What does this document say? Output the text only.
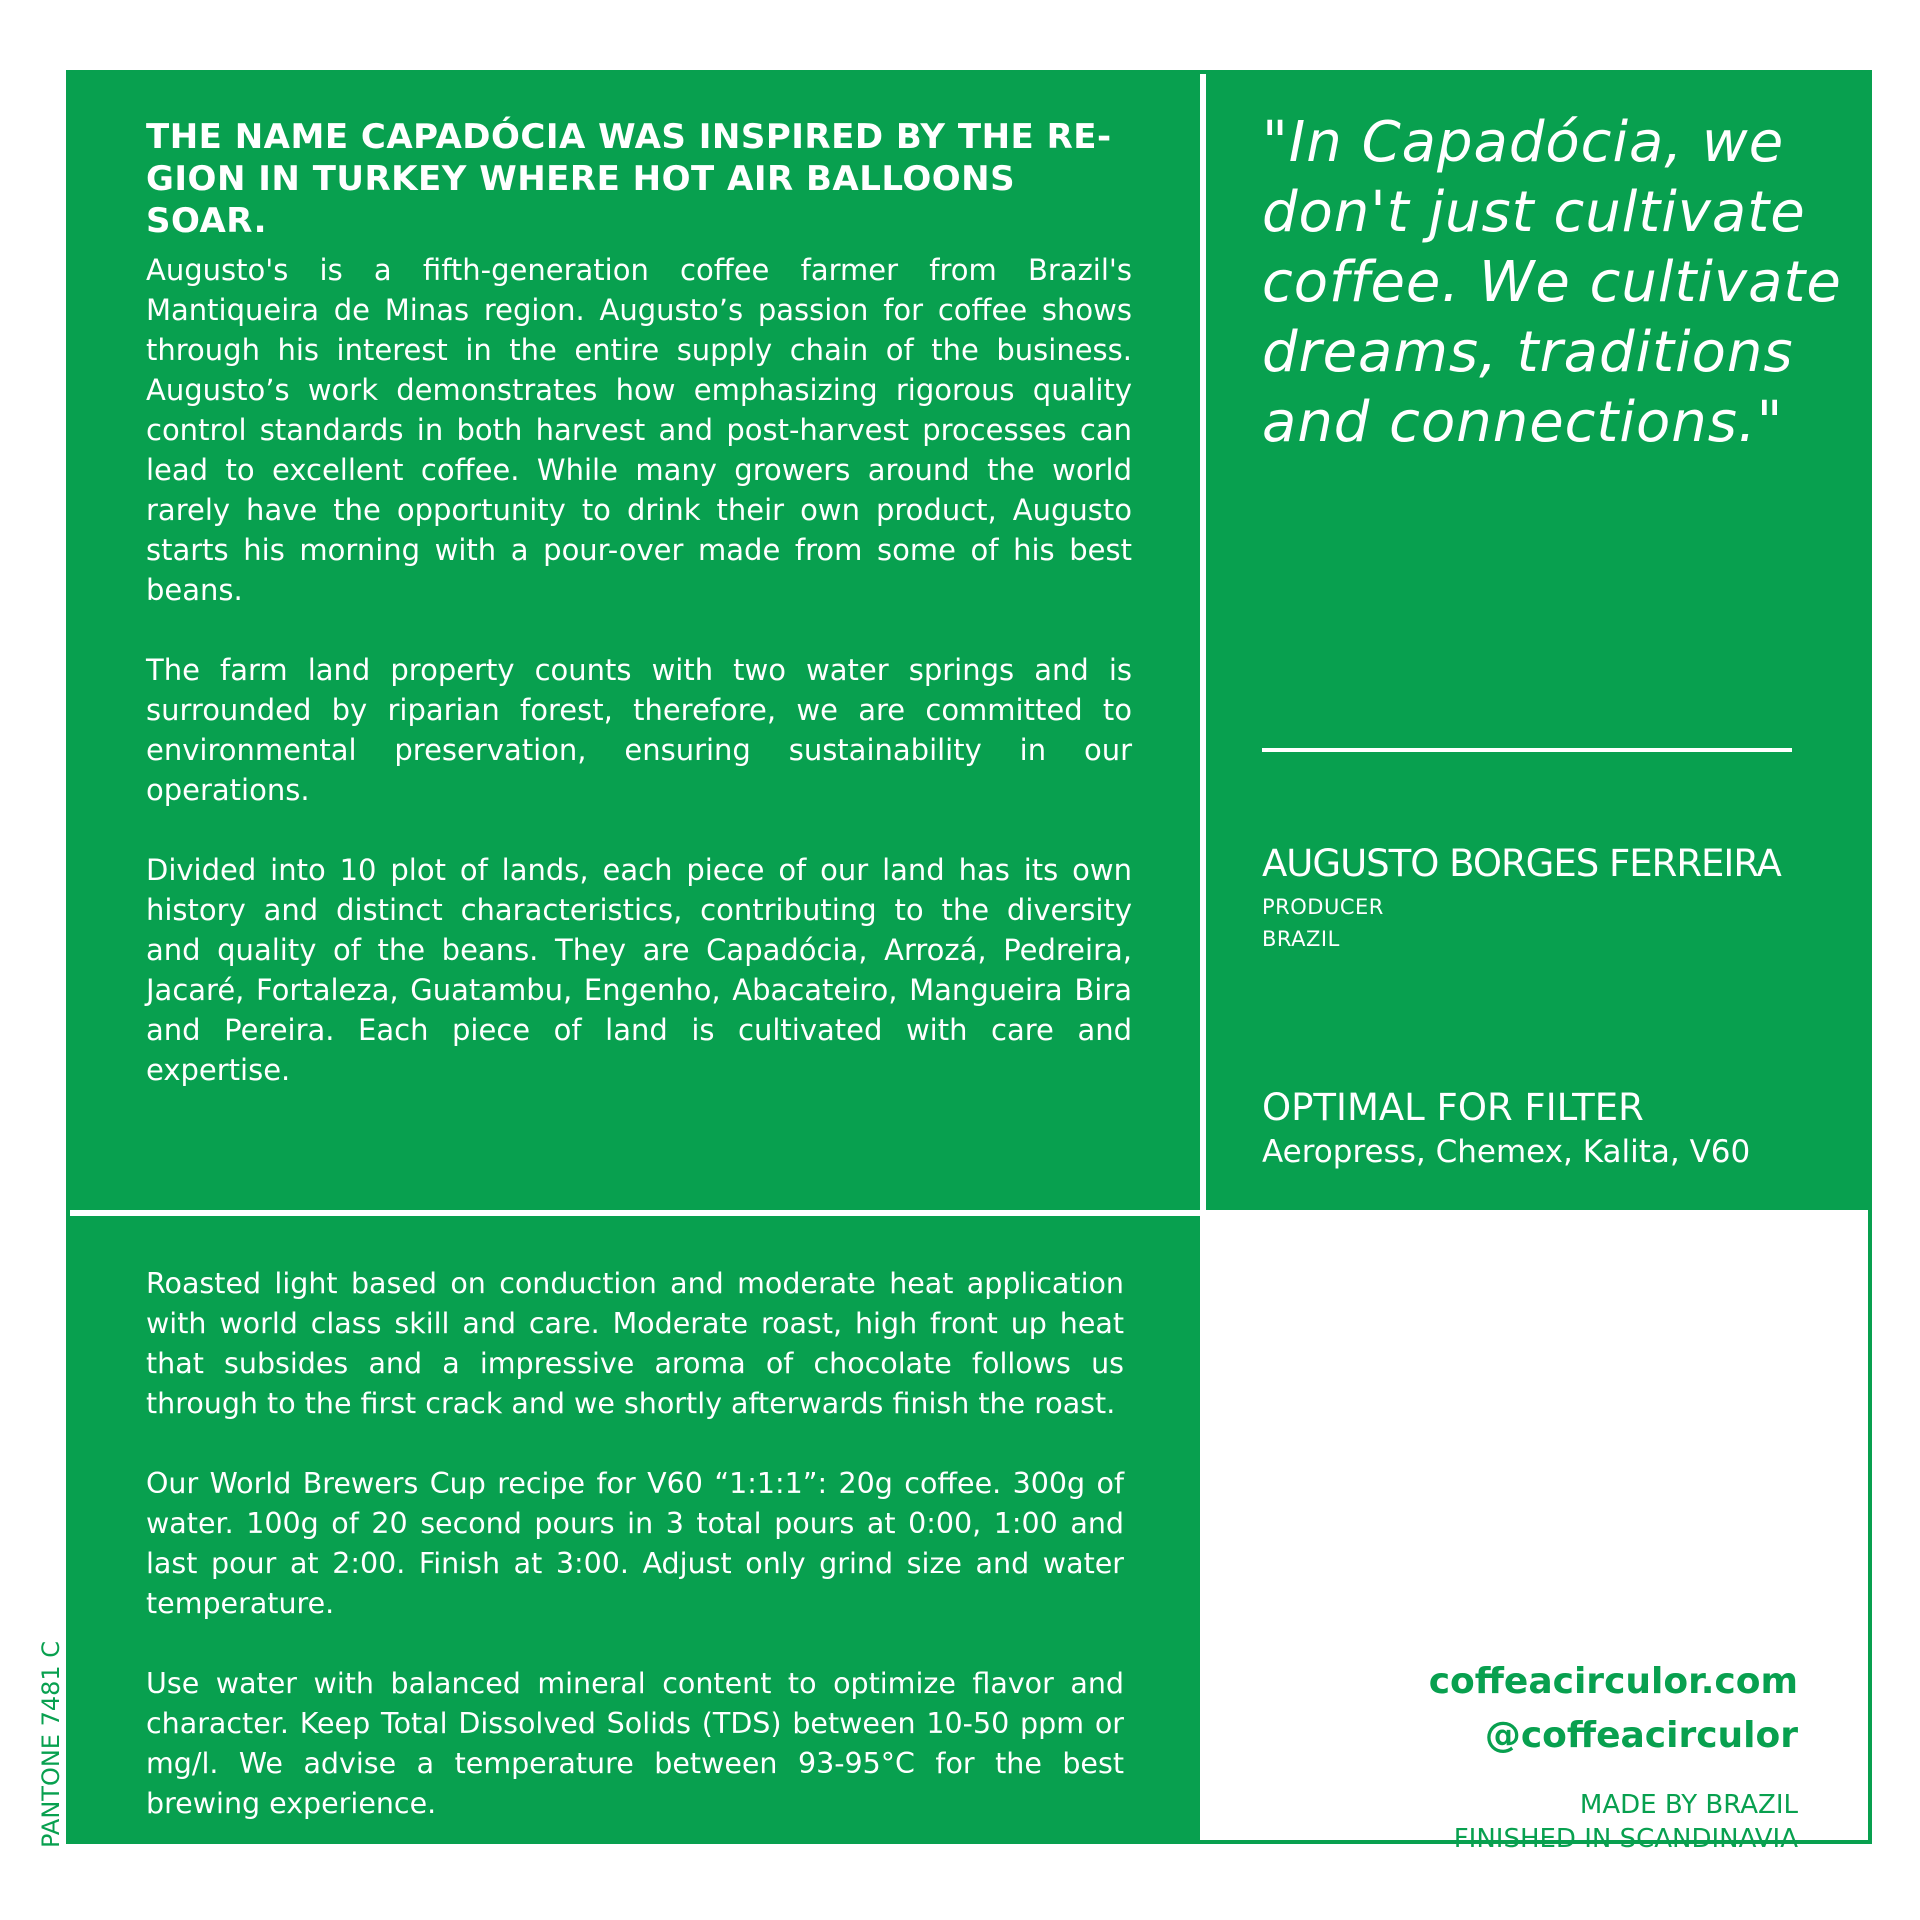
THE NAME CAPADÓCIA WAS INSPIRED BY THE RE-GION IN TURKEY WHERE HOT AIR BALLOONS SOAR.

Augusto's is a fifth-generation coffee farmer from Brazil's Mantiqueira de Minas region. Augusto’s passion for coffee shows through his interest in the entire supply chain of the business. Augusto’s work demonstrates how emphasizing rigorous quality control standards in both harvest and post-harvest processes can lead to excellent coffee. While many growers around the world rarely have the opportunity to drink their own product, Augusto starts his morning with a pour-over made from some of his best beans.

The farm land property counts with two water springs and is surrounded by riparian forest, therefore, we are committed to environmental preservation, ensuring sustainability in our operations.

Divided into 10 plot of lands, each piece of our land has its own history and distinct characteristics, contributing to the diversity and quality of the beans. They are Capadócia, Arrozá, Pedreira, Jacaré, Fortaleza, Guatambu, Engenho, Abacateiro, Mangueira Bira and Pereira. Each piece of land is cultivated with care and expertise.

"In Capadócia, we don't just cultivate coffee. We cultivate dreams, traditions and connections."
AUGUSTO BORGES FERREIRA
PRODUCER
BRAZIL
OPTIMAL FOR FILTER
Aeropress, Chemex, Kalita, V60

Roasted light based on conduction and moderate heat application with world class skill and care. Moderate roast, high front up heat that subsides and a impressive aroma of chocolate follows us through to the first crack and we shortly afterwards finish the roast.

Our World Brewers Cup recipe for V60 “1:1:1”: 20g coffee. 300g of water. 100g of 20 second pours in 3 total pours at 0:00, 1:00 and last pour at 2:00. Finish at 3:00. Adjust only grind size and water temperature.

Use water with balanced mineral content to optimize flavor and character. Keep Total Dissolved Solids (TDS) between 10-50 ppm or mg/l. We advise a temperature between 93-95°C for the best brewing experience.

coffeacirculor.com
@coffeacirculor
MADE BY BRAZIL
FINISHED IN SCANDINAVIA
PANTONE 7481 C
